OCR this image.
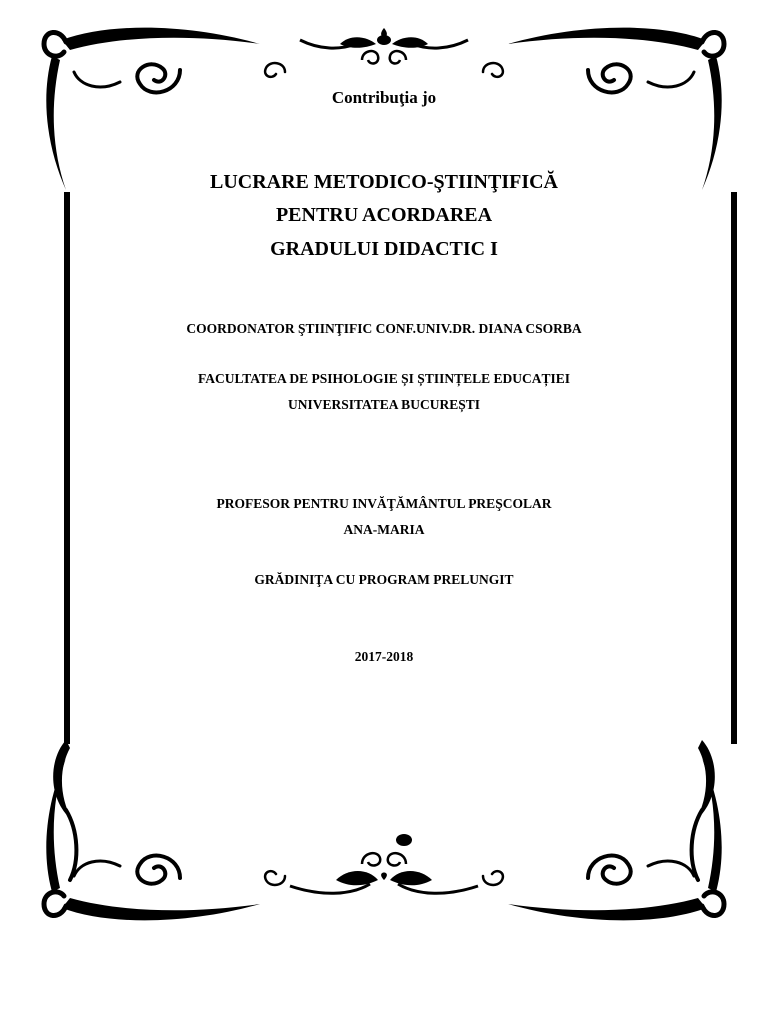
Contribuţia jo
LUCRARE METODICO-ŞTIINŢIFICĂ
PENTRU ACORDAREA
GRADULUI DIDACTIC I
COORDONATOR ŞTIINŢIFIC CONF.UNIV.DR. DIANA CSORBA
FACULTATEA DE PSIHOLOGIE ȘI ȘTIINȚELE EDUCAȚIEI
UNIVERSITATEA BUCUREȘTI
PROFESOR PENTRU INVĂŢĂMÂNTUL PREŞCOLAR
ANA-MARIA
GRĂDINIŢA CU PROGRAM PRELUNGIT
2017-2018
